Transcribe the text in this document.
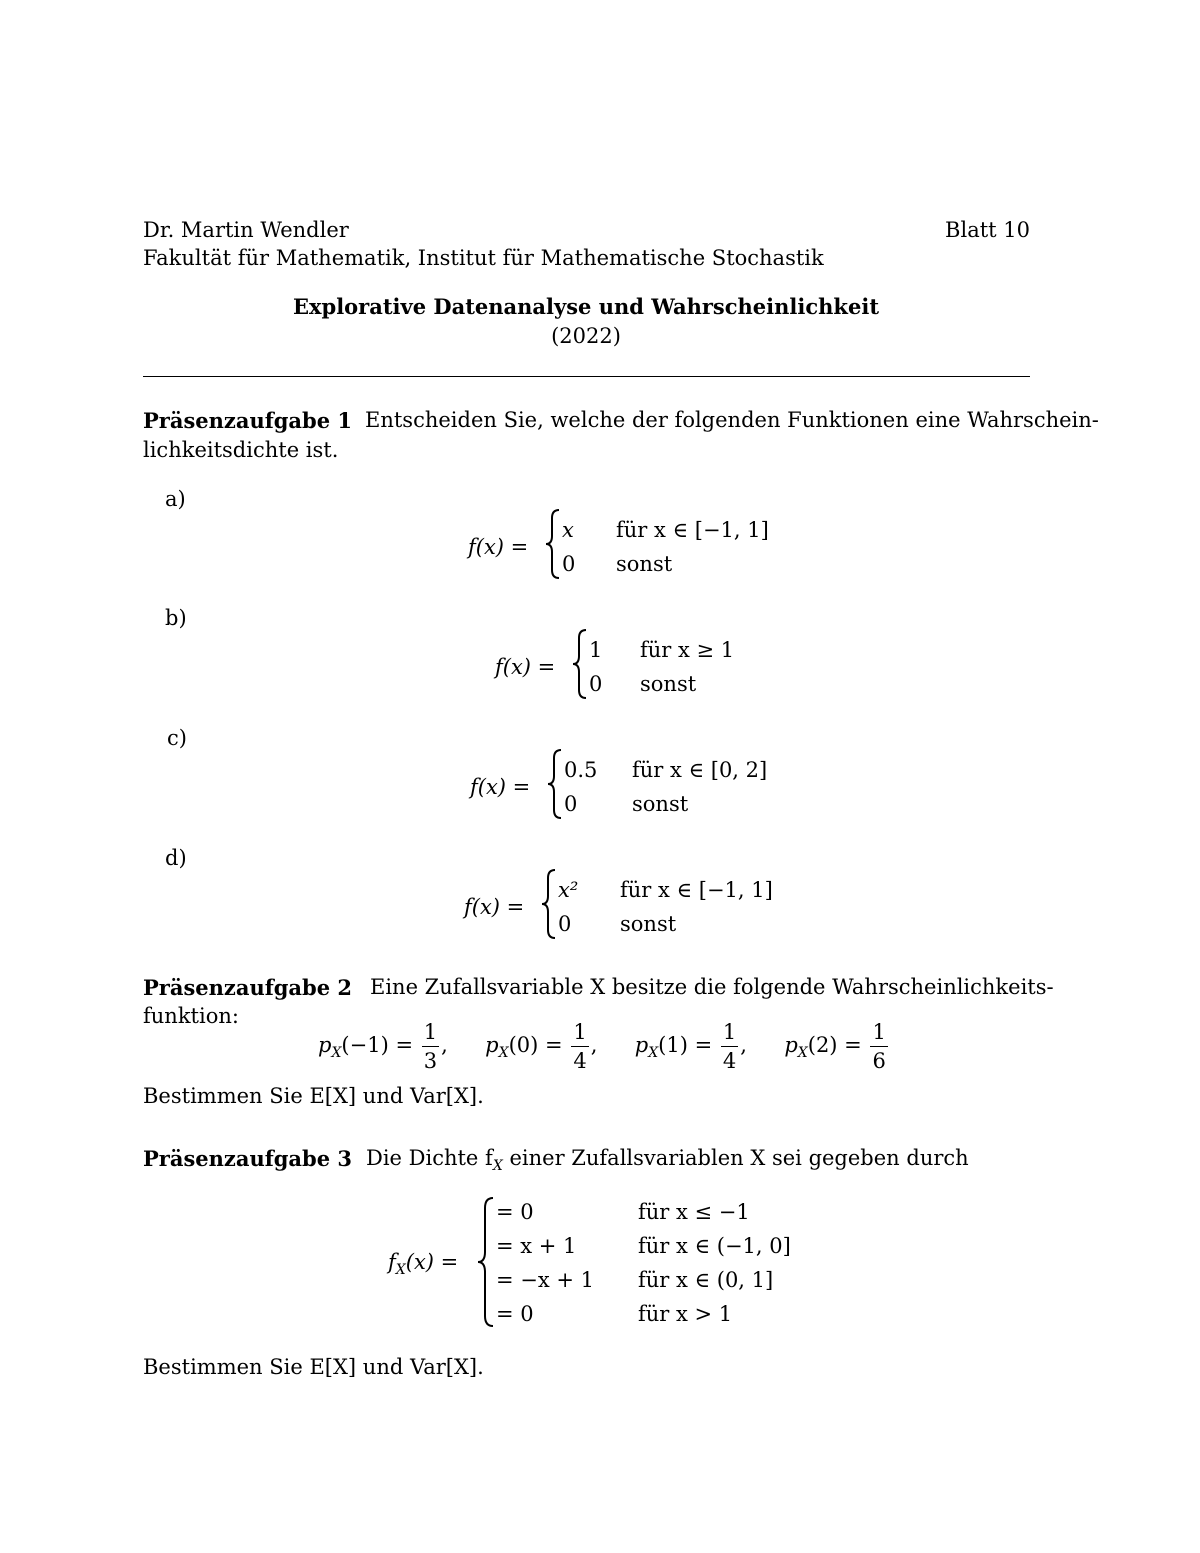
Dr. Martin Wendler	Blatt 10
Fakultät für Mathematik, Institut für Mathematische Stochastik
Explorative Datenanalyse und Wahrscheinlichkeit
(2022)
Präsenzaufgabe 1 Entscheiden Sie, welche der folgenden Funktionen eine Wahrschein-
lichkeitsdichte ist.
a)
f(x) =
x für x ∈ [−1, 1]
0 sonst
b)
f(x) =
1 für x ≥ 1
0 sonst
c)
f(x) =
0.5 für x ∈ [0, 2]
0	sonst
d)
f(x) =
x² für x ∈ [−1, 1]
0 sonst
Präsenzaufgabe 2 Eine Zufallsvariable X besitze die folgende Wahrscheinlichkeits-
funktion:
$p_X(-1) = \frac{1}{3}$ , $p_X(0) = \frac{1}{4}$ , $p_X(1) = \frac{1}{4}$ , $p_X(2) = \frac{1}{6}$
Bestimmen Sie E[X] und Var[X].
Präsenzaufgabe 3 Die Dichte $f_X$ einer Zufallsvariablen X sei gegeben durch
$f_X(x)$ =
= 0	für x ≤ −1
= x + 1	für x ∈ (−1, 0]
= −x + 1 für x ∈ (0, 1]
= 0	für x > 1
Bestimmen Sie E[X] und Var[X].
